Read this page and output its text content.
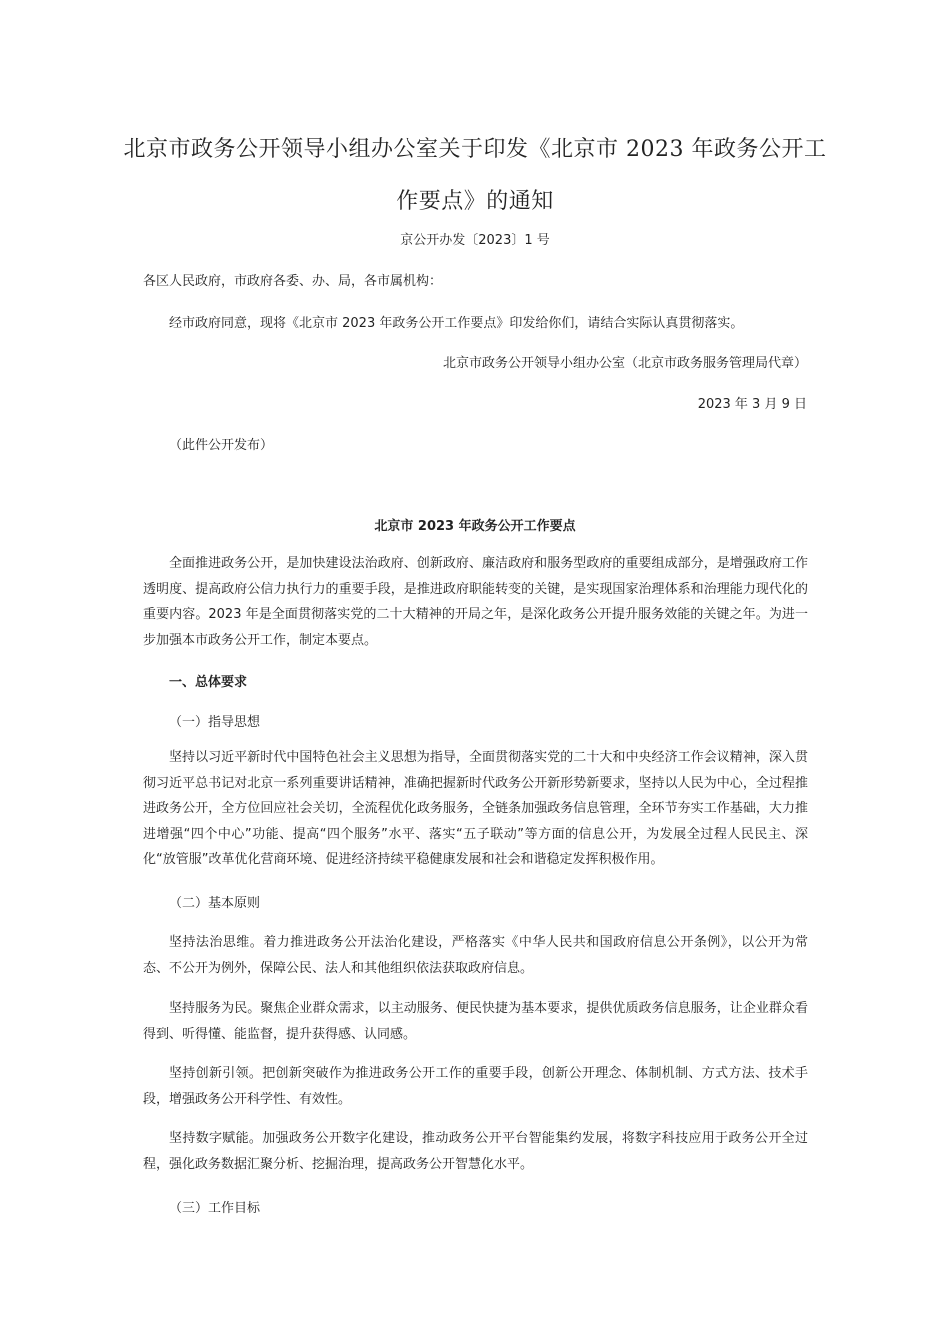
北京市政务公开领导小组办公室关于印发《北京市 2023 年政务公开工作要点》的通知
京公开办发〔2023〕1 号
各区人民政府，市政府各委、办、局，各市属机构：
经市政府同意，现将《北京市 2023 年政务公开工作要点》印发给你们，请结合实际认真贯彻落实。
北京市政务公开领导小组办公室（北京市政务服务管理局代章）
2023 年 3 月 9 日
（此件公开发布）
北京市 2023 年政务公开工作要点
全面推进政务公开，是加快建设法治政府、创新政府、廉洁政府和服务型政府的重要组成部分，是增强政府工作透明度、提高政府公信力执行力的重要手段，是推进政府职能转变的关键，是实现国家治理体系和治理能力现代化的重要内容。2023 年是全面贯彻落实党的二十大精神的开局之年，是深化政务公开提升服务效能的关键之年。为进一步加强本市政务公开工作，制定本要点。
一、总体要求
（一）指导思想
坚持以习近平新时代中国特色社会主义思想为指导，全面贯彻落实党的二十大和中央经济工作会议精神，深入贯彻习近平总书记对北京一系列重要讲话精神，准确把握新时代政务公开新形势新要求，坚持以人民为中心，全过程推进政务公开，全方位回应社会关切，全流程优化政务服务，全链条加强政务信息管理，全环节夯实工作基础，大力推进增强“四个中心”功能、提高“四个服务”水平、落实“五子联动”等方面的信息公开，为发展全过程人民民主、深化“放管服”改革优化营商环境、促进经济持续平稳健康发展和社会和谐稳定发挥积极作用。
（二）基本原则
坚持法治思维。着力推进政务公开法治化建设，严格落实《中华人民共和国政府信息公开条例》，以公开为常态、不公开为例外，保障公民、法人和其他组织依法获取政府信息。
坚持服务为民。聚焦企业群众需求，以主动服务、便民快捷为基本要求，提供优质政务信息服务，让企业群众看得到、听得懂、能监督，提升获得感、认同感。
坚持创新引领。把创新突破作为推进政务公开工作的重要手段，创新公开理念、体制机制、方式方法、技术手段，增强政务公开科学性、有效性。
坚持数字赋能。加强政务公开数字化建设，推动政务公开平台智能集约发展，将数字科技应用于政务公开全过程，强化政务数据汇聚分析、挖掘治理，提高政务公开智慧化水平。
（三）工作目标
